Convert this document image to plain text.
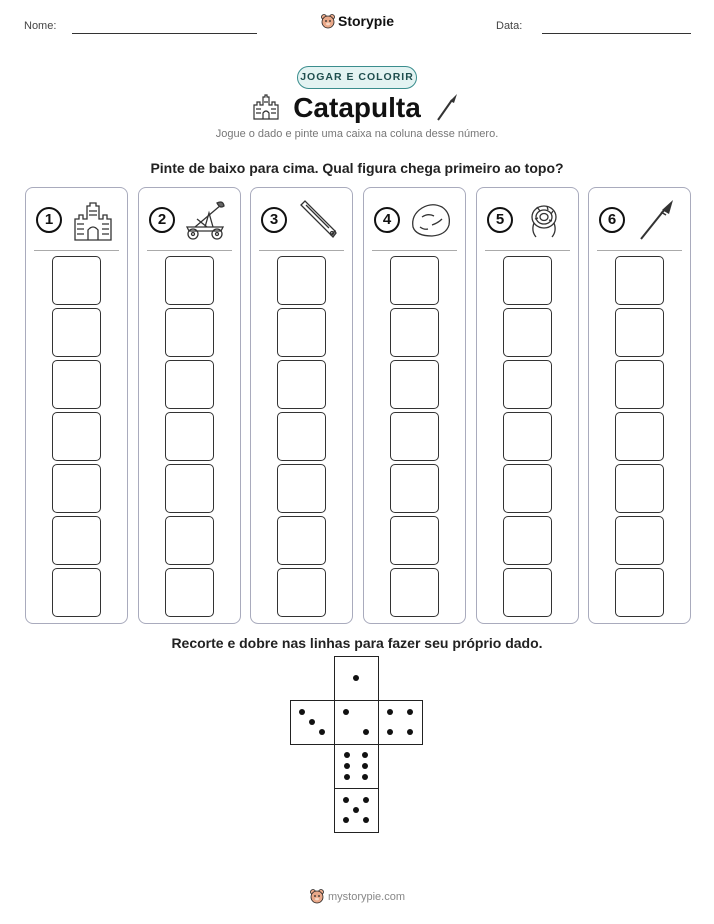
Nome:	Storypie	Data:
JOGAR E COLORIR
Catapulta
Jogue o dado e pinte uma caixa na coluna desse número.
Pinte de baixo para cima. Qual figura chega primeiro ao topo?
1	2	3	4	5	6
Recorte e dobre nas linhas para fazer seu próprio dado.
mystorypie.com
